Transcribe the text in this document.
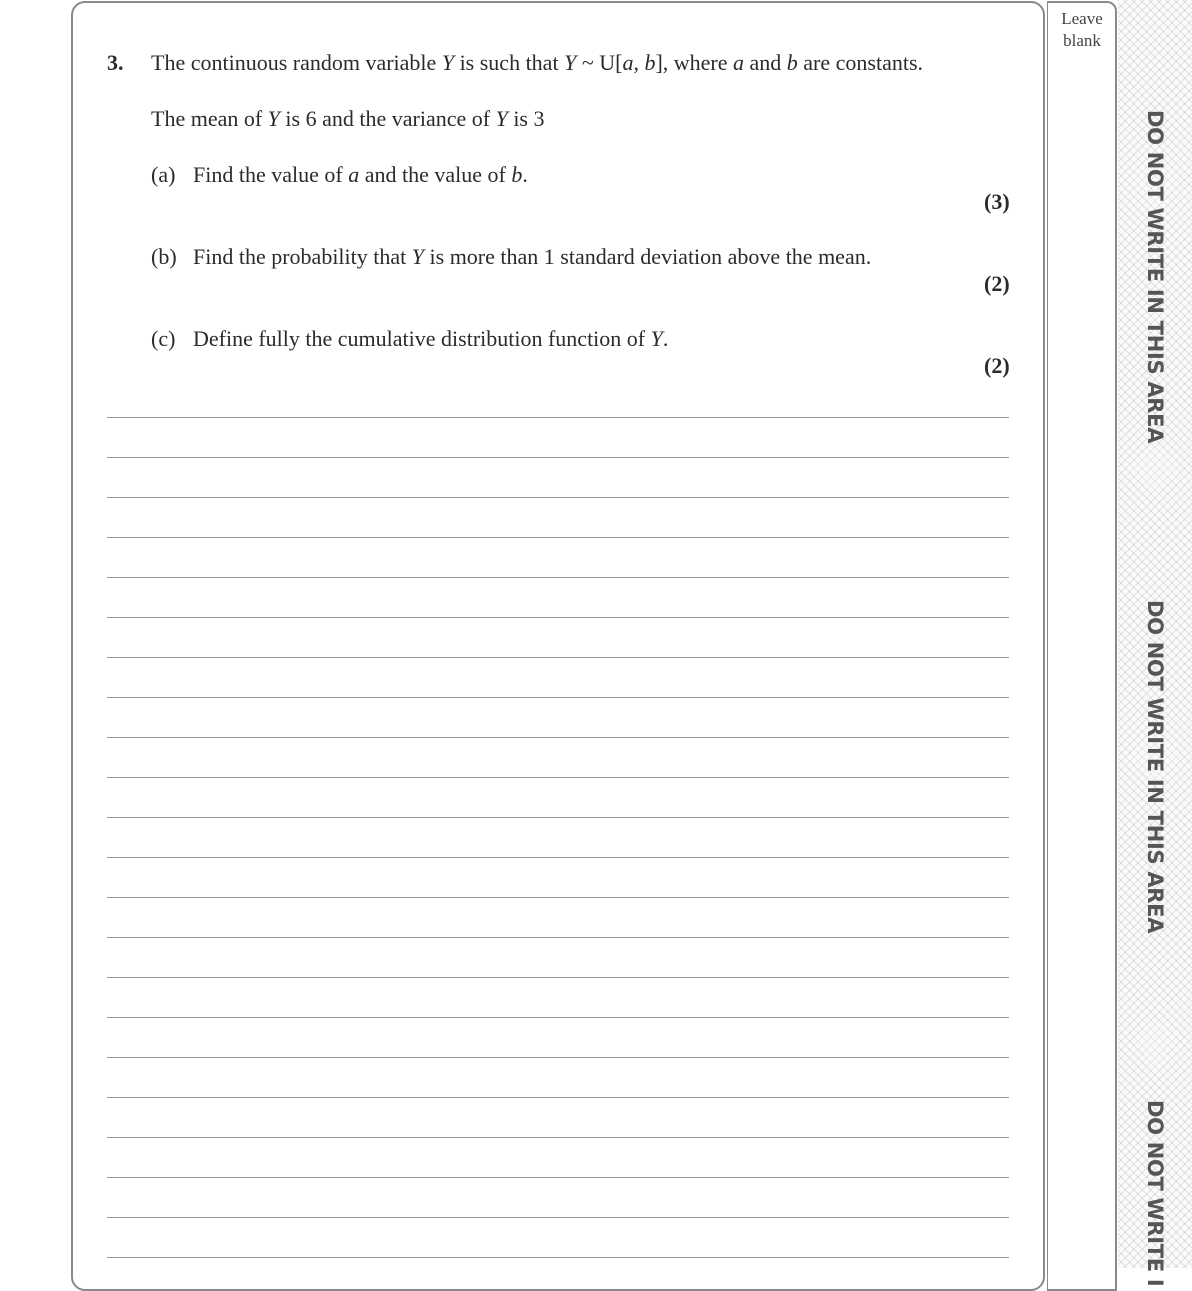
Leave
blank
DO NOT WRITE IN THIS AREA
DO NOT WRITE IN THIS AREA
DO NOT WRITE I
3. The continuous random variable Y is such that Y ~ U[a, b], where a and b are constants.
The mean of Y is 6 and the variance of Y is 3
(a) Find the value of a and the value of b.
(3)
(b) Find the probability that Y is more than 1 standard deviation above the mean.
(2)
(c) Define fully the cumulative distribution function of Y.
(2)
